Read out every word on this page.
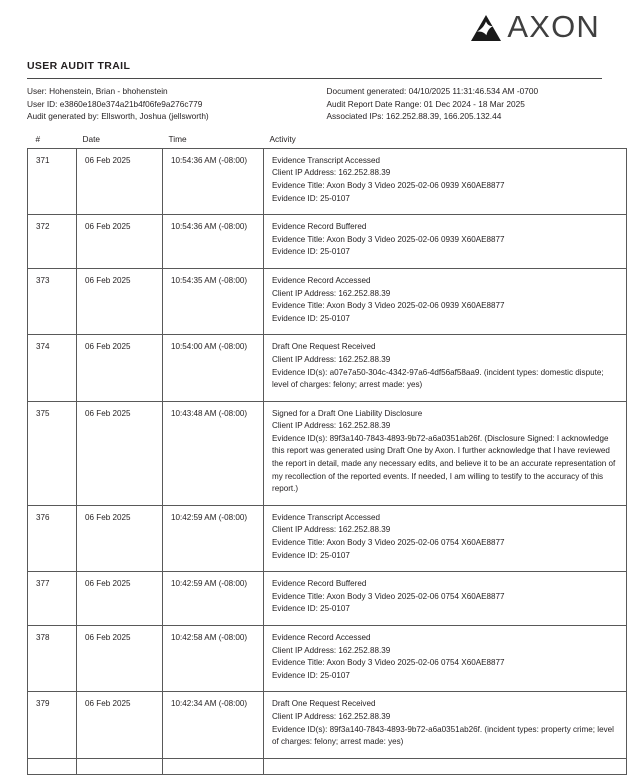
AXON
USER AUDIT TRAIL
User: Hohenstein, Brian - bhohenstein
User ID: e3860e180e374a21b4f06fe9a276c779
Audit generated by: Ellsworth, Joshua (jellsworth)
Document generated: 04/10/2025 11:31:46.534 AM -0700
Audit Report Date Range: 01 Dec 2024 - 18 Mar 2025
Associated IPs: 162.252.88.39, 166.205.132.44
#	Date	Time	Activity
371	06 Feb 2025	10:54:36 AM (-08:00)	Evidence Transcript Accessed
Client IP Address: 162.252.88.39
Evidence Title: Axon Body 3 Video 2025-02-06 0939 X60AE8877
Evidence ID: 25-0107

372	06 Feb 2025	10:54:36 AM (-08:00)	Evidence Record Buffered
Evidence Title: Axon Body 3 Video 2025-02-06 0939 X60AE8877
Evidence ID: 25-0107

373	06 Feb 2025	10:54:35 AM (-08:00)	Evidence Record Accessed
Client IP Address: 162.252.88.39
Evidence Title: Axon Body 3 Video 2025-02-06 0939 X60AE8877
Evidence ID: 25-0107

374	06 Feb 2025	10:54:00 AM (-08:00)	Draft One Request Received
Client IP Address: 162.252.88.39
Evidence ID(s): a07e7a50-304c-4342-97a6-4df56af58aa9. (incident types: domestic dispute; level of charges: felony; arrest made: yes)

375	06 Feb 2025	10:43:48 AM (-08:00)	Signed for a Draft One Liability Disclosure
Client IP Address: 162.252.88.39
Evidence ID(s): 89f3a140-7843-4893-9b72-a6a0351ab26f. (Disclosure Signed: I acknowledge this report was generated using Draft One by Axon. I further acknowledge that I have reviewed the report in detail, made any necessary edits, and believe it to be an accurate representation of my recollection of the reported events. If needed, I am willing to testify to the accuracy of this report.)

376	06 Feb 2025	10:42:59 AM (-08:00)	Evidence Transcript Accessed
Client IP Address: 162.252.88.39
Evidence Title: Axon Body 3 Video 2025-02-06 0754 X60AE8877
Evidence ID: 25-0107

377	06 Feb 2025	10:42:59 AM (-08:00)	Evidence Record Buffered
Evidence Title: Axon Body 3 Video 2025-02-06 0754 X60AE8877
Evidence ID: 25-0107

378	06 Feb 2025	10:42:58 AM (-08:00)	Evidence Record Accessed
Client IP Address: 162.252.88.39
Evidence Title: Axon Body 3 Video 2025-02-06 0754 X60AE8877
Evidence ID: 25-0107

379	06 Feb 2025	10:42:34 AM (-08:00)	Draft One Request Received
Client IP Address: 162.252.88.39
Evidence ID(s): 89f3a140-7843-4893-9b72-a6a0351ab26f. (incident types: property crime; level of charges: felony; arrest made: yes)
